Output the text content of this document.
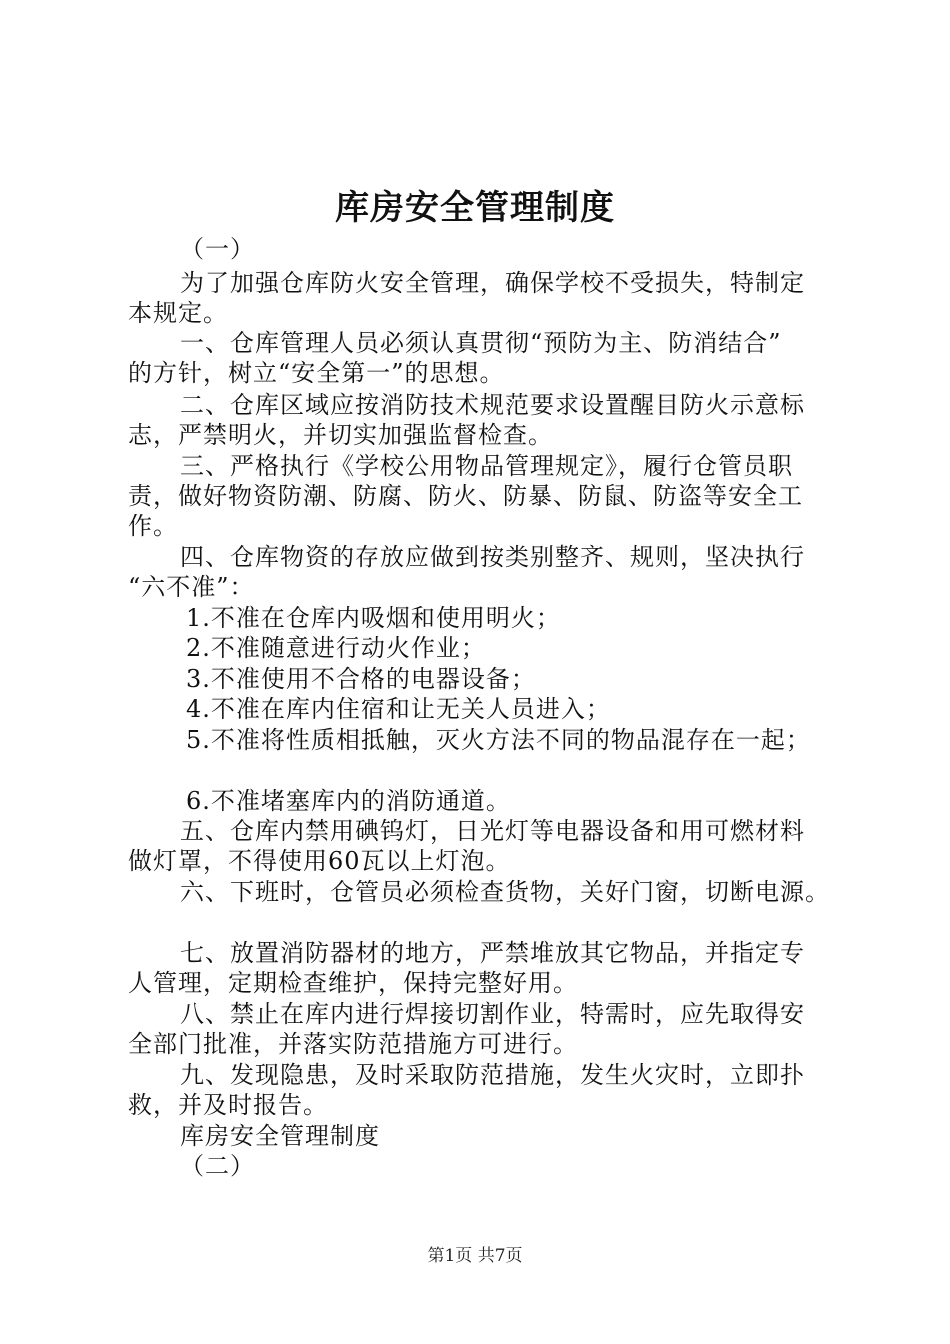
库房安全管理制度
（一）
为了加强仓库防火安全管理，确保学校不受损失，特制定
本规定。
一、仓库管理人员必须认真贯彻“预防为主、防消结合”
的方针，树立“安全第一”的思想。
二、仓库区域应按消防技术规范要求设置醒目防火示意标
志，严禁明火，并切实加强监督检查。
三、严格执行《学校公用物品管理规定》，履行仓管员职
责，做好物资防潮、防腐、防火、防暴、防鼠、防盗等安全工
作。
四、仓库物资的存放应做到按类别整齐、规则，坚决执行
“六不准”：
1.不准在仓库内吸烟和使用明火；
2.不准随意进行动火作业；
3.不准使用不合格的电器设备；
4.不准在库内住宿和让无关人员进入；
5.不准将性质相抵触，灭火方法不同的物品混存在一起；
6.不准堵塞库内的消防通道。
五、仓库内禁用碘钨灯，日光灯等电器设备和用可燃材料
做灯罩，不得使用60瓦以上灯泡。
六、下班时，仓管员必须检查货物，关好门窗，切断电源。
七、放置消防器材的地方，严禁堆放其它物品，并指定专
人管理，定期检查维护，保持完整好用。
八、禁止在库内进行焊接切割作业，特需时，应先取得安
全部门批准，并落实防范措施方可进行。
九、发现隐患，及时采取防范措施，发生火灾时，立即扑
救，并及时报告。
库房安全管理制度
（二）
第1页 共7页
